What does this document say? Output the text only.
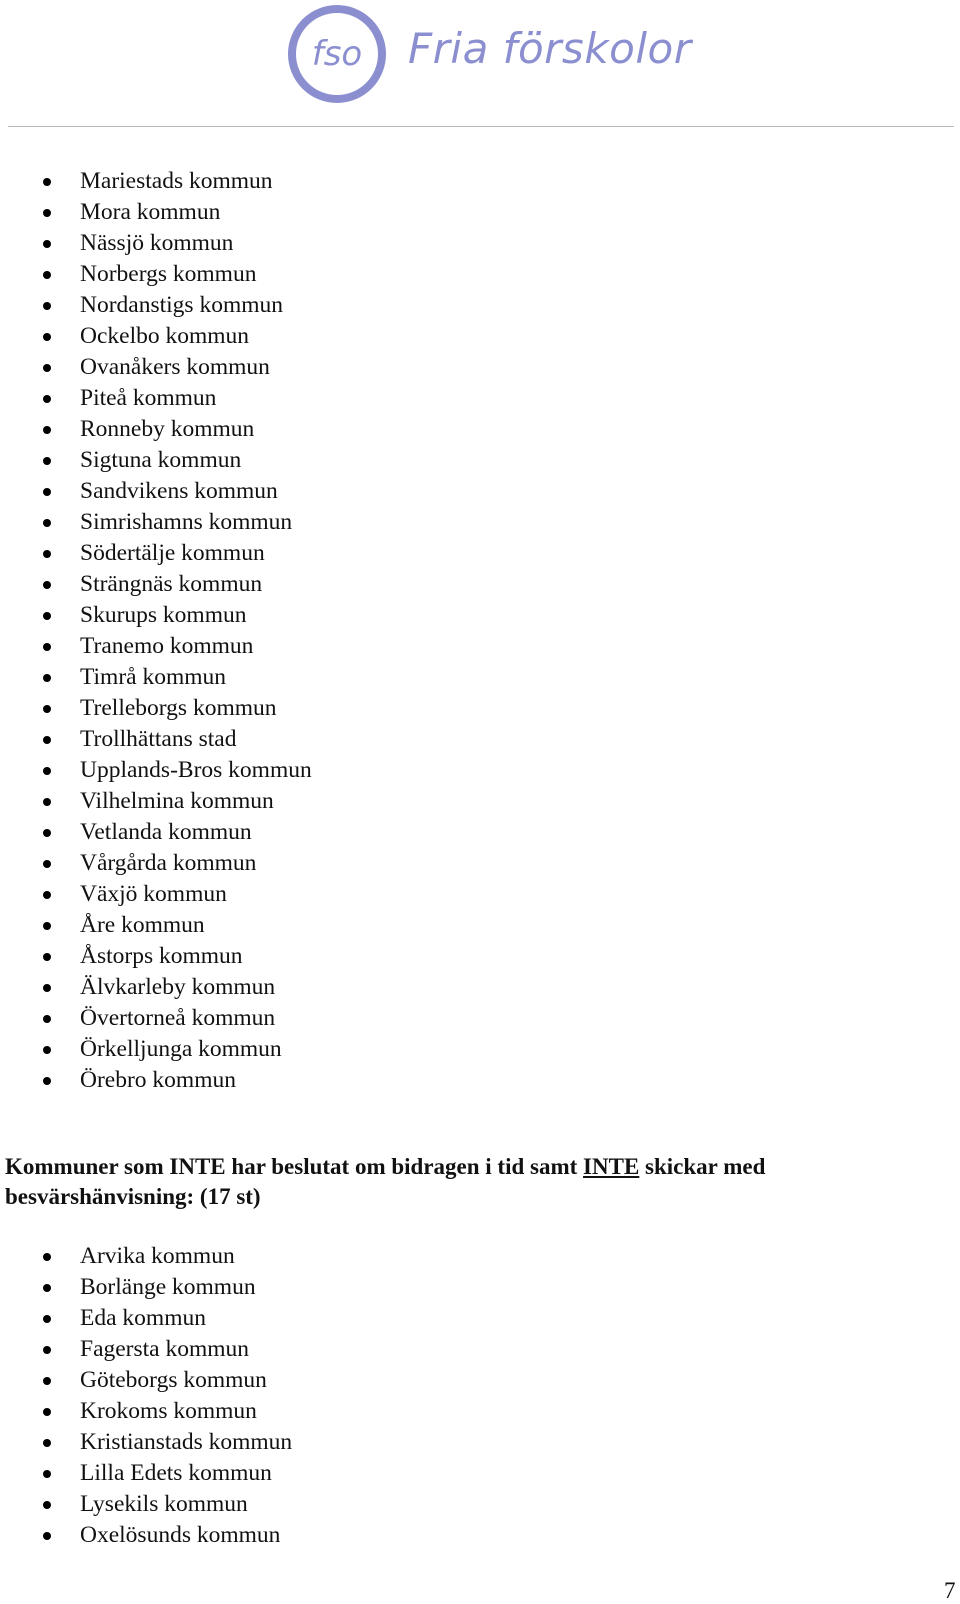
fso Fria förskolor
Mariestads kommun
Mora kommun
Nässjö kommun
Norbergs kommun
Nordanstigs kommun
Ockelbo kommun
Ovanåkers kommun
Piteå kommun
Ronneby kommun
Sigtuna kommun
Sandvikens kommun
Simrishamns kommun
Södertälje kommun
Strängnäs kommun
Skurups kommun
Tranemo kommun
Timrå kommun
Trelleborgs kommun
Trollhättans stad
Upplands-Bros kommun
Vilhelmina kommun
Vetlanda kommun
Vårgårda kommun
Växjö kommun
Åre kommun
Åstorps kommun
Älvkarleby kommun
Övertorneå kommun
Örkelljunga kommun
Örebro kommun
Kommuner som INTE har beslutat om bidragen i tid samt INTE skickar med besvärshänvisning: (17 st)
Arvika kommun
Borlänge kommun
Eda kommun
Fagersta kommun
Göteborgs kommun
Krokoms kommun
Kristianstads kommun
Lilla Edets kommun
Lysekils kommun
Oxelösunds kommun
7
